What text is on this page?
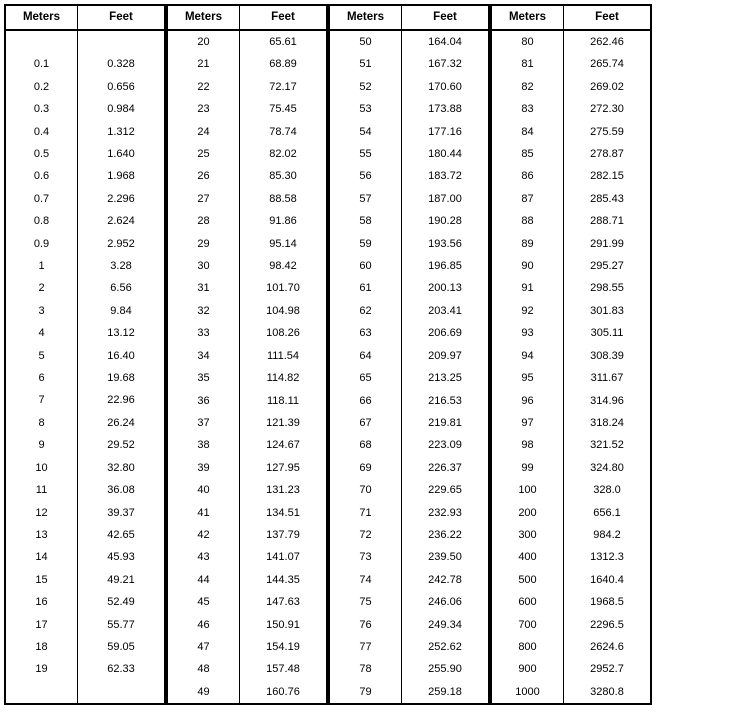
Meters	Feet

0.1	0.328
0.2	0.656
0.3	0.984
0.4	1.312
0.5	1.640
0.6	1.968
0.7	2.296
0.8	2.624
0.9	2.952
1	3.28
2	6.56
3	9.84
4	13.12
5	16.40
6	19.68
7	22.96
8	26.24
9	29.52
10	32.80
11	36.08
12	39.37
13	42.65
14	45.93
15	49.21
16	52.49
17	55.77
18	59.05
19	62.33

Meters	Feet
20	65.61
21	68.89
22	72.17
23	75.45
24	78.74
25	82.02
26	85.30
27	88.58
28	91.86
29	95.14
30	98.42
31	101.70
32	104.98
33	108.26
34	111.54
35	114.82
36	118.11
37	121.39
38	124.67
39	127.95
40	131.23
41	134.51
42	137.79
43	141.07
44	144.35
45	147.63
46	150.91
47	154.19
48	157.48
49	160.76
Meters	Feet
50	164.04
51	167.32
52	170.60
53	173.88
54	177.16
55	180.44
56	183.72
57	187.00
58	190.28
59	193.56
60	196.85
61	200.13
62	203.41
63	206.69
64	209.97
65	213.25
66	216.53
67	219.81
68	223.09
69	226.37
70	229.65
71	232.93
72	236.22
73	239.50
74	242.78
75	246.06
76	249.34
77	252.62
78	255.90
79	259.18
Meters	Feet
80	262.46
81	265.74
82	269.02
83	272.30
84	275.59
85	278.87
86	282.15
87	285.43
88	288.71
89	291.99
90	295.27
91	298.55
92	301.83
93	305.11
94	308.39
95	311.67
96	314.96
97	318.24
98	321.52
99	324.80
100	328.0
200	656.1
300	984.2
400	1312.3
500	1640.4
600	1968.5
700	2296.5
800	2624.6
900	2952.7
1000	3280.8
